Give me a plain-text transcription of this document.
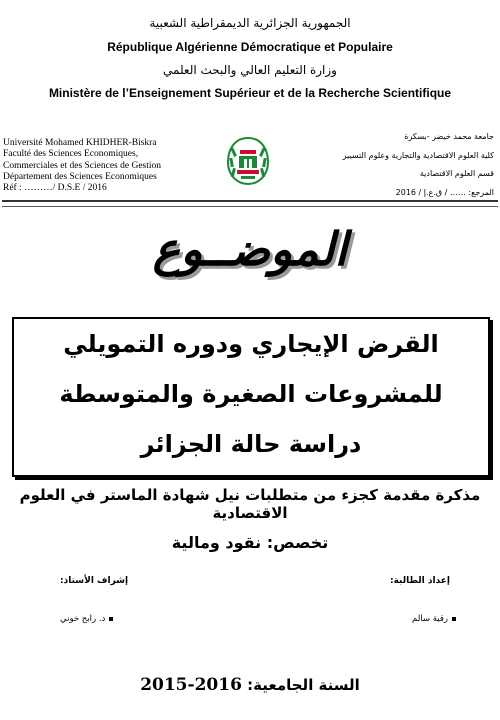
الجمهورية الجزائرية الديمقراطية الشعبية
République Algérienne Démocratique et Populaire
وزارة التعليم العالي والبحث العلمي
Ministère de l’Enseignement Supérieur et de la Recherche Scientifique
Université Mohamed KHIDHER-Biskra
Faculté des Sciences Economiques,
Commerciales et des Sciences de Gestion
Département des Sciences Economiques
Réf : ………/ D.S.E / 2016
جامعة محمد خيضر -بسكرة
كلية العلوم الاقتصادية والتجارية وعلوم التسيير
قسم العلوم الاقتصادية
المرجع: …… / ق.ع.إ / 2016
الموضــوع
القرض الإيجاري ودوره التمويلي
للمشروعات الصغيرة والمتوسطة
دراسة حالة الجزائر
مذكرة مقدمة كجزء من متطلبات نيل شهادة الماستر في العلوم الاقتصادية
تخصص: نقود ومالية
إعداد الطالبة:
إشراف الأستاذ:
رقية سالم
د. رابح خوني
السنة الجامعية: 2016-2015
